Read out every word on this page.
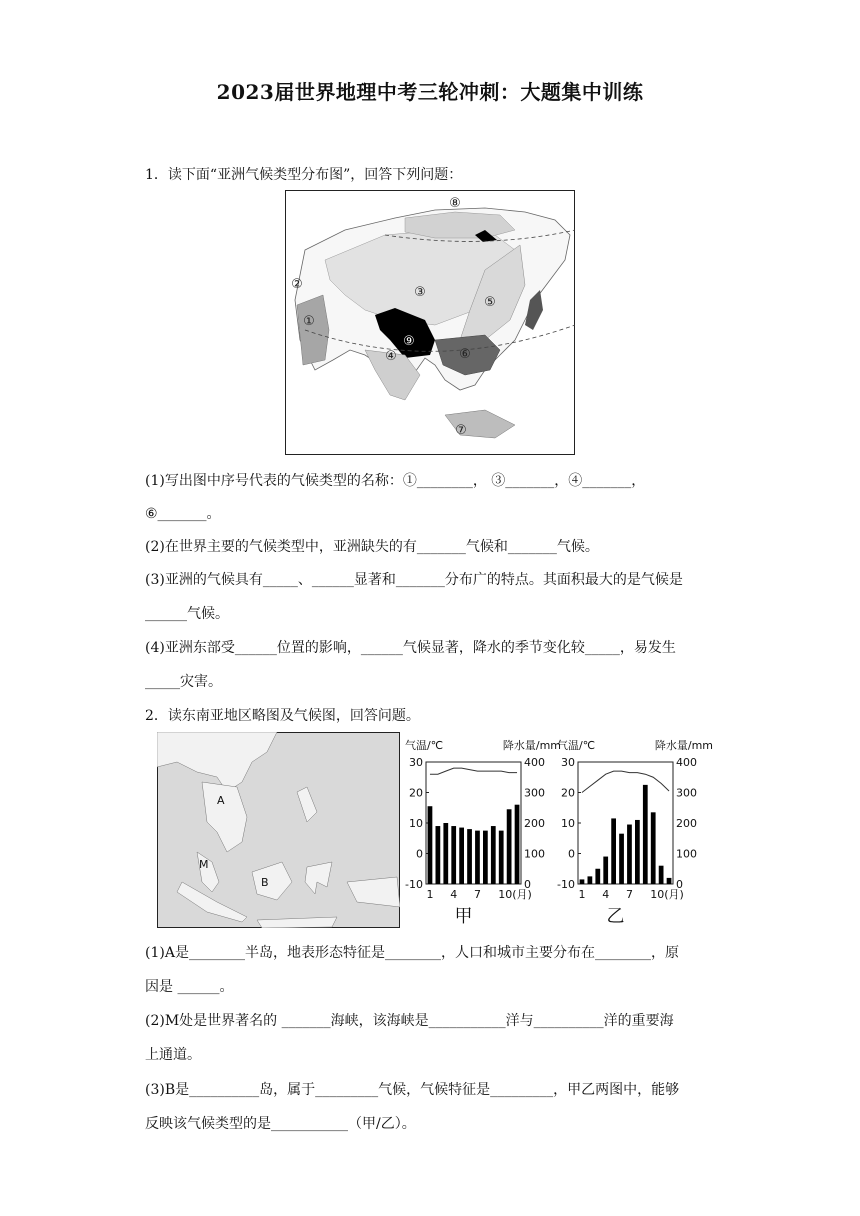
2023届世界地理中考三轮冲刺：大题集中训练
1．读下面“亚洲气候类型分布图”，回答下列问题：
①
②
③
④
⑤
⑥
⑦
⑧
⑨
(1)写出图中序号代表的气候类型的名称：①________， ③_______，④_______，
⑥_______。
(2)在世界主要的气候类型中，亚洲缺失的有_______气候和_______气候。
(3)亚洲的气候具有_____、______显著和_______分布广的特点。其面积最大的是气候是
______气候。
(4)亚洲东部受______位置的影响，______气候显著，降水的季节变化较_____，易发生
_____灾害。
2．读东南亚地区略图及气候图，回答问题。
A
M
B
气温/℃	降水量/mm
30
20
10
0
-10
400
300
200
100
0
1 4 7 10(月)
甲
气温/℃	降水量/mm
30
20
10
0
-10
400
300
200
100
0
1 4 7 10(月)
乙
(1)A是________半岛，地表形态特征是________，人口和城市主要分布在________，原
因是 ______。
(2)M处是世界著名的 _______海峡，该海峡是___________洋与__________洋的重要海
上通道。
(3)B是__________岛，属于_________气候，气候特征是_________，甲乙两图中，能够
反映该气候类型的是___________（甲/乙）。
